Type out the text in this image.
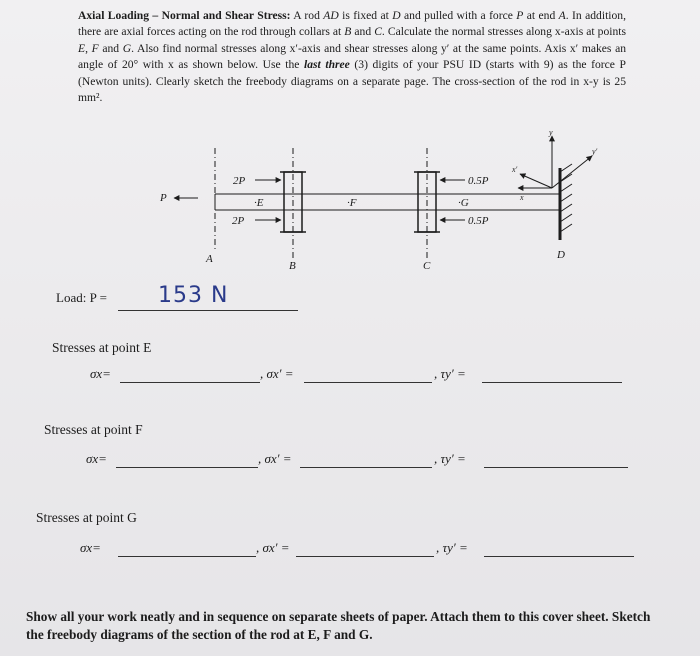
Axial Loading – Normal and Shear Stress: A rod AD is fixed at D and pulled with a force P at end A. In addition, there are axial forces acting on the rod through collars at B and C. Calculate the normal stresses along x-axis at points E, F and G. Also find normal stresses along x′-axis and shear stresses along y′ at the same points. Axis x′ makes an angle of 20° with x as shown below. Use the last three (3) digits of your PSU ID (starts with 9) as the force P (Newton units). Clearly sketch the freebody diagrams on a separate page. The cross-section of the rod in x-y is 25 mm².
P
2P
2P
·E	·F	·G
0.5P
0.5P
A
B	C
D
x
y
x′
y′
Load: P = 153 N
Stresses at point E
σx=	, σx′ =	, τy′ =
Stresses at point F
σx=	, σx′ =	, τy′ =
Stresses at point G
σx=	, σx′ =	, τy′ =
Show all your work neatly and in sequence on separate sheets of paper. Attach them to this cover sheet. Sketch the freebody diagrams of the section of the rod at E, F and G.
